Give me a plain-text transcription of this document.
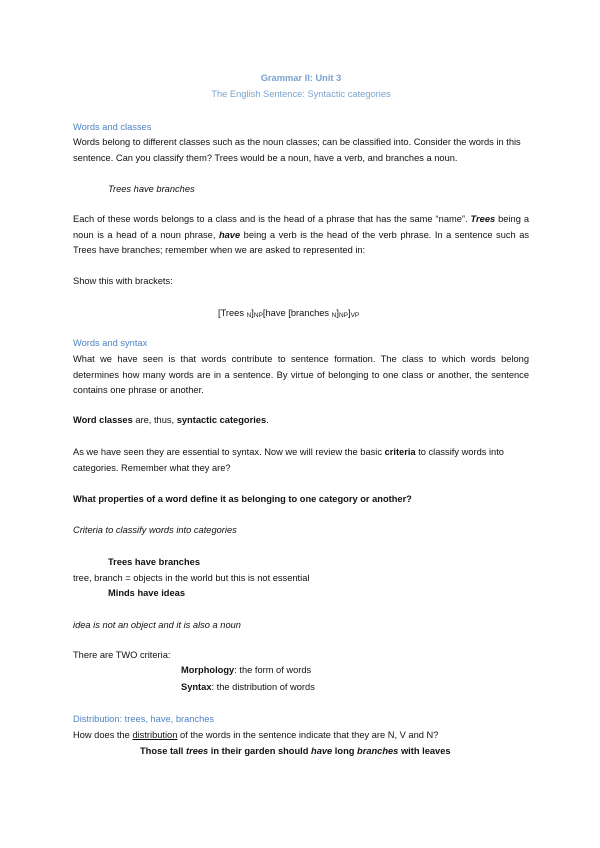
Grammar II: Unit 3
The English Sentence: Syntactic categories
Words and classes
Words belong to different classes such as the noun classes; can be classified into. Consider the words in this sentence. Can you classify them? Trees would be a noun, have a verb, and branches a noun.
Trees have branches
Each of these words belongs to a class and is the head of a phrase that has the same “name”. Trees being a noun is a head of a noun phrase, have being a verb is the head of the verb phrase. In a sentence such as Trees have branches; remember when we are asked to represented in:
Show this with brackets:
[Trees $_N]_{NP}[have$ [branches $_N]_{NP}]_{VP}$
Words and syntax
What we have seen is that words contribute to sentence formation. The class to which words belong determines how many words are in a sentence. By virtue of belonging to one class or another, the sentence contains one phrase or another.
Word classes are, thus, syntactic categories.
As we have seen they are essential to syntax. Now we will review the basic criteria to classify words into categories. Remember what they are?
What properties of a word define it as belonging to one category or another?
Criteria to classify words into categories
Trees have branches
tree, branch = objects in the world but this is not essential
Minds have ideas
idea is not an object and it is also a noun
There are TWO criteria:
Morphology: the form of words
Syntax: the distribution of words
Distribution: trees, have, branches
How does the distribution of the words in the sentence indicate that they are N, V and N?
Those tall trees in their garden should have long branches with leaves
